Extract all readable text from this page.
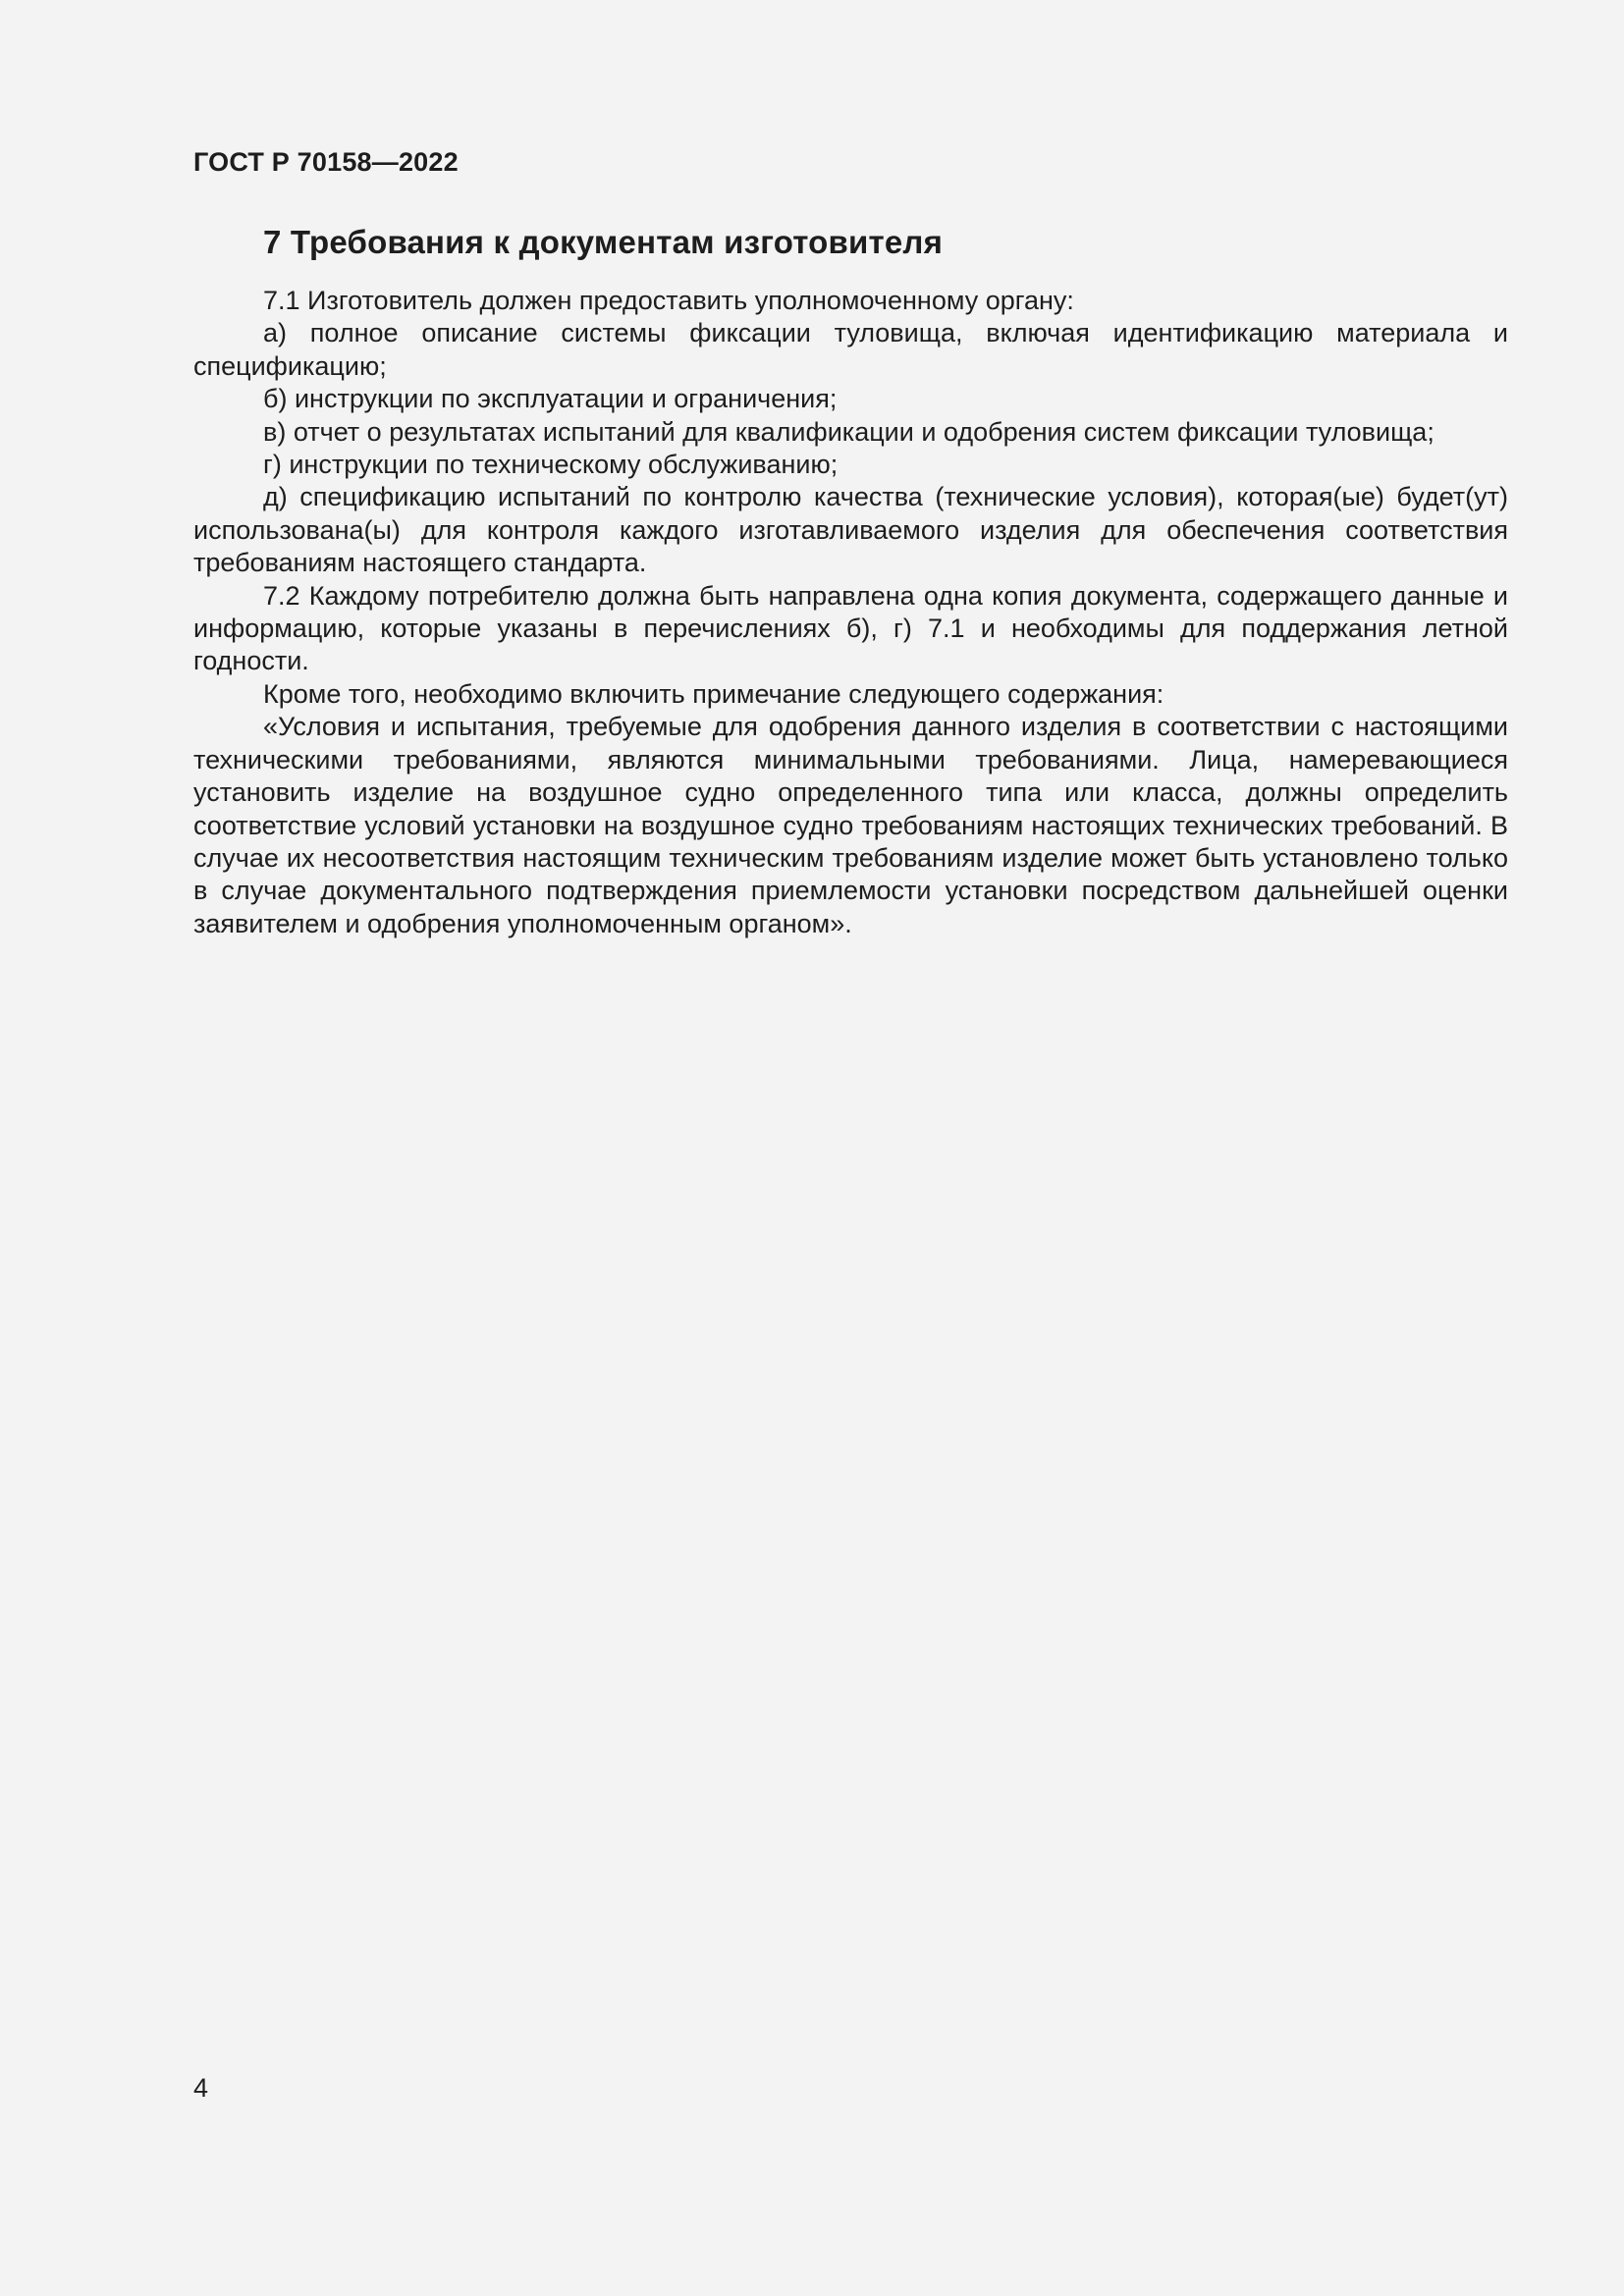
ГОСТ Р 70158—2022
7 Требования к документам изготовителя

7.1 Изготовитель должен предоставить уполномоченному органу:

а) полное описание системы фиксации туловища, включая идентификацию материала и спецификацию;

б) инструкции по эксплуатации и ограничения;

в) отчет о результатах испытаний для квалификации и одобрения систем фиксации туловища;

г) инструкции по техническому обслуживанию;

д) спецификацию испытаний по контролю качества (технические условия), которая(ые) будет(ут) использована(ы) для контроля каждого изготавливаемого изделия для обеспечения соответствия требованиям настоящего стандарта.

7.2 Каждому потребителю должна быть направлена одна копия документа, содержащего данные и информацию, которые указаны в перечислениях б), г) 7.1 и необходимы для поддержания летной годности.

Кроме того, необходимо включить примечание следующего содержания:

«Условия и испытания, требуемые для одобрения данного изделия в соответствии с настоящими техническими требованиями, являются минимальными требованиями. Лица, намеревающиеся установить изделие на воздушное судно определенного типа или класса, должны определить соответствие условий установки на воздушное судно требованиям настоящих технических требований. В случае их несоответствия настоящим техническим требованиям изделие может быть установлено только в случае документального подтверждения приемлемости установки посредством дальнейшей оценки заявителем и одобрения уполномоченным органом».

4
